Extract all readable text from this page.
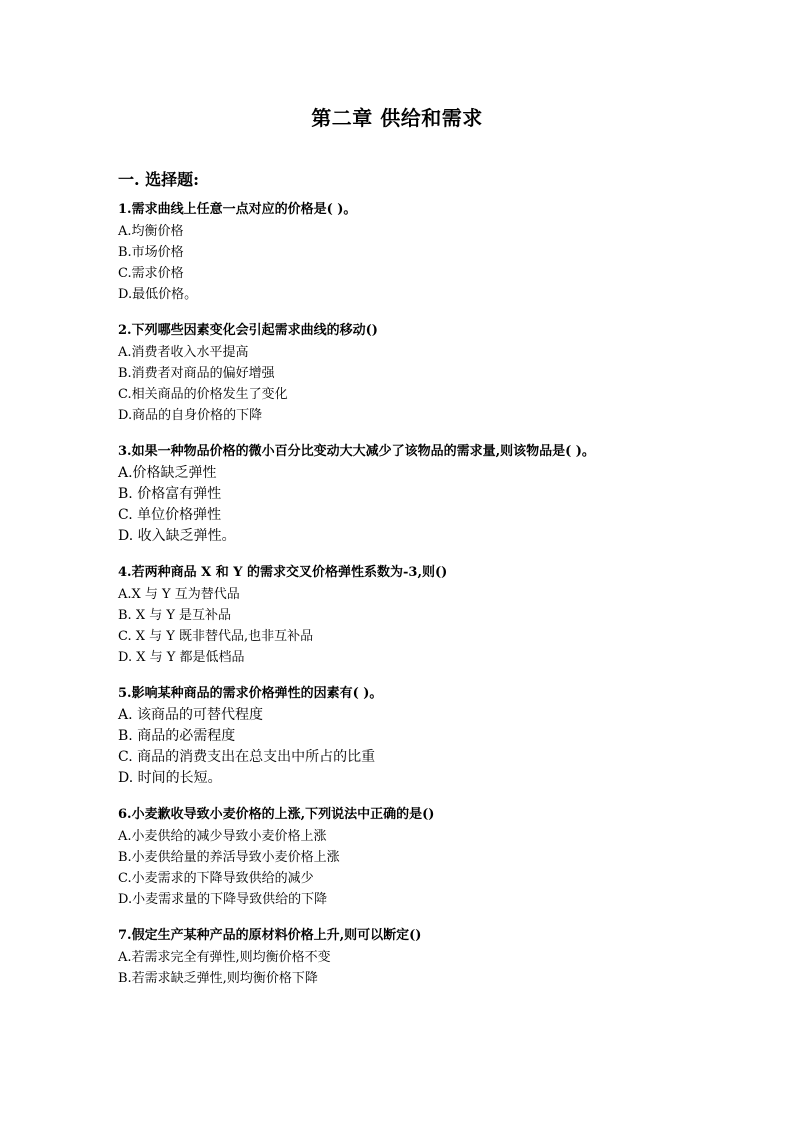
第二章 供给和需求
一. 选择题:
1.需求曲线上任意一点对应的价格是( )。
A.均衡价格
B.市场价格
C.需求价格
D.最低价格。
2.下列哪些因素变化会引起需求曲线的移动()
A.消费者收入水平提高
B.消费者对商品的偏好增强
C.相关商品的价格发生了变化
D.商品的自身价格的下降
3.如果一种物品价格的微小百分比变动大大减少了该物品的需求量,则该物品是( )。
A.价格缺乏弹性
B. 价格富有弹性
C. 单位价格弹性
D. 收入缺乏弹性。
4.若两种商品 X 和 Y 的需求交叉价格弹性系数为-3,则()
A.X 与 Y 互为替代品
B. X 与 Y 是互补品
C. X 与 Y 既非替代品,也非互补品
D. X 与 Y 都是低档品
5.影响某种商品的需求价格弹性的因素有( )。
A. 该商品的可替代程度
B. 商品的必需程度
C. 商品的消费支出在总支出中所占的比重
D. 时间的长短。
6.小麦歉收导致小麦价格的上涨,下列说法中正确的是()
A.小麦供给的减少导致小麦价格上涨
B.小麦供给量的养活导致小麦价格上涨
C.小麦需求的下降导致供给的减少
D.小麦需求量的下降导致供给的下降
7.假定生产某种产品的原材料价格上升,则可以断定()
A.若需求完全有弹性,则均衡价格不变
B.若需求缺乏弹性,则均衡价格下降
